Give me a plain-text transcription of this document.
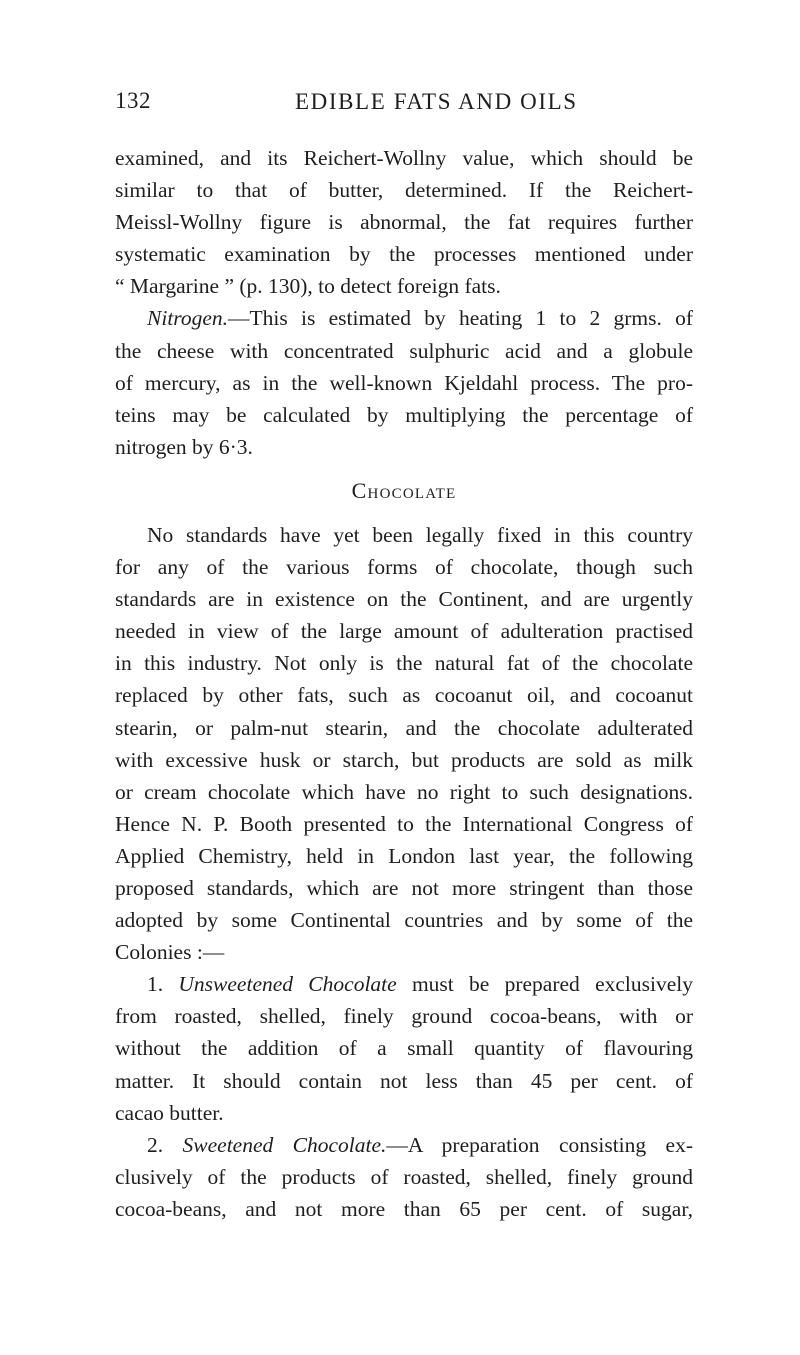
132	EDIBLE FATS AND OILS
examined, and its Reichert-Wollny value, which should be
similar to that of butter, determined. If the Reichert-
Meissl-Wollny figure is abnormal, the fat requires further
systematic examination by the processes mentioned under
“ Margarine ” (p. 130), to detect foreign fats.
Nitrogen.—This is estimated by heating 1 to 2 grms. of
the cheese with concentrated sulphuric acid and a globule
of mercury, as in the well-known Kjeldahl process. The pro-
teins may be calculated by multiplying the percentage of
nitrogen by 6·3.
Chocolate
No standards have yet been legally fixed in this country
for any of the various forms of chocolate, though such
standards are in existence on the Continent, and are urgently
needed in view of the large amount of adulteration practised
in this industry. Not only is the natural fat of the chocolate
replaced by other fats, such as cocoanut oil, and cocoanut
stearin, or palm-nut stearin, and the chocolate adulterated
with excessive husk or starch, but products are sold as milk
or cream chocolate which have no right to such designations.
Hence N. P. Booth presented to the International Congress of
Applied Chemistry, held in London last year, the following
proposed standards, which are not more stringent than those
adopted by some Continental countries and by some of the
Colonies :—
1. Unsweetened Chocolate must be prepared exclusively
from roasted, shelled, finely ground cocoa-beans, with or
without the addition of a small quantity of flavouring
matter. It should contain not less than 45 per cent. of
cacao butter.
2. Sweetened Chocolate.—A preparation consisting ex-
clusively of the products of roasted, shelled, finely ground
cocoa-beans, and not more than 65 per cent. of sugar,
